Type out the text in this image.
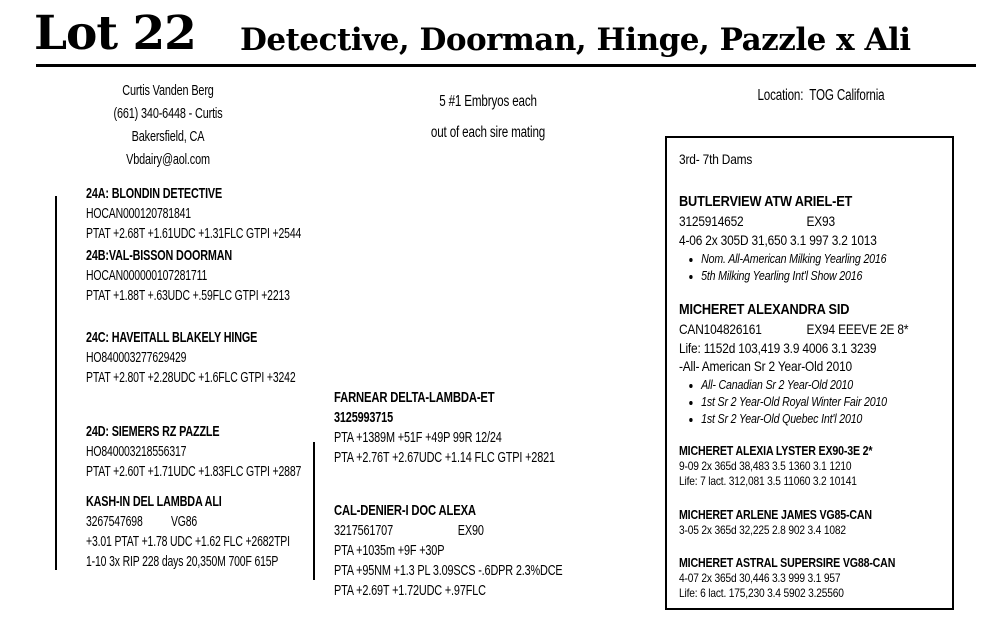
Lot 22 Detective, Doorman, Hinge, Pazzle x Ali
Curtis Vanden Berg
(661) 340-6448 - Curtis
Bakersfield, CA
Vbdairy@aol.com
5 #1 Embryos each
out of each sire mating
Location:  TOG California
24A: BLONDIN DETECTIVE
HOCAN000120781841
PTAT +2.68T +1.61UDC +1.31FLC GTPI +2544
24B:VAL-BISSON DOORMAN
HOCAN000000107281711
PTAT +1.88T +.63UDC +.59FLC GTPI +2213
24C: HAVEITALL BLAKELY HINGE
HO840003277629429
PTAT +2.80T +2.28UDC +1.6FLC GTPI +3242
24D: SIEMERS RZ PAZZLE
HO840003218556317
PTAT +2.60T +1.71UDC +1.83FLC GTPI +2887
KASH-IN DEL LAMBDA ALI
3267547698 VG86
+3.01 PTAT +1.78 UDC +1.62 FLC +2682TPI
1-10 3x RIP 228 days 20,350M 700F 615P
FARNEAR DELTA-LAMBDA-ET
3125993715
PTA +1389M +51F +49P 99R 12/24
PTA +2.76T +2.67UDC +1.14 FLC GTPI +2821
CAL-DENIER-I DOC ALEXA
3217561707	EX90
PTA +1035m +9F +30P
PTA +95NM +1.3 PL 3.09SCS -.6DPR 2.3%DCE
PTA +2.69T +1.72UDC +.97FLC
3rd- 7th Dams
BUTLERVIEW ATW ARIEL-ET
3125914652	EX93
4-06 2x 305D 31,650 3.1 997 3.2 1013
• Nom. All-American Milking Yearling 2016
• 5th Milking Yearling Int'l Show 2016
MICHERET ALEXANDRA SID
CAN104826161	EX94 EEEVE 2E 8*
Life: 1152d 103,419 3.9 4006 3.1 3239
-All- American Sr 2 Year-Old 2010
• All- Canadian Sr 2 Year-Old 2010
• 1st Sr 2 Year-Old Royal Winter Fair 2010
• 1st Sr 2 Year-Old Quebec Int'l 2010
MICHERET ALEXIA LYSTER EX90-3E 2*
9-09 2x 365d 38,483 3.5 1360 3.1 1210
Life: 7 lact. 312,081 3.5 11060 3.2 10141
MICHERET ARLENE JAMES VG85-CAN
3-05 2x 365d 32,225 2.8 902 3.4 1082
MICHERET ASTRAL SUPERSIRE VG88-CAN
4-07 2x 365d 30,446 3.3 999 3.1 957
Life: 6 lact. 175,230 3.4 5902 3.25560
